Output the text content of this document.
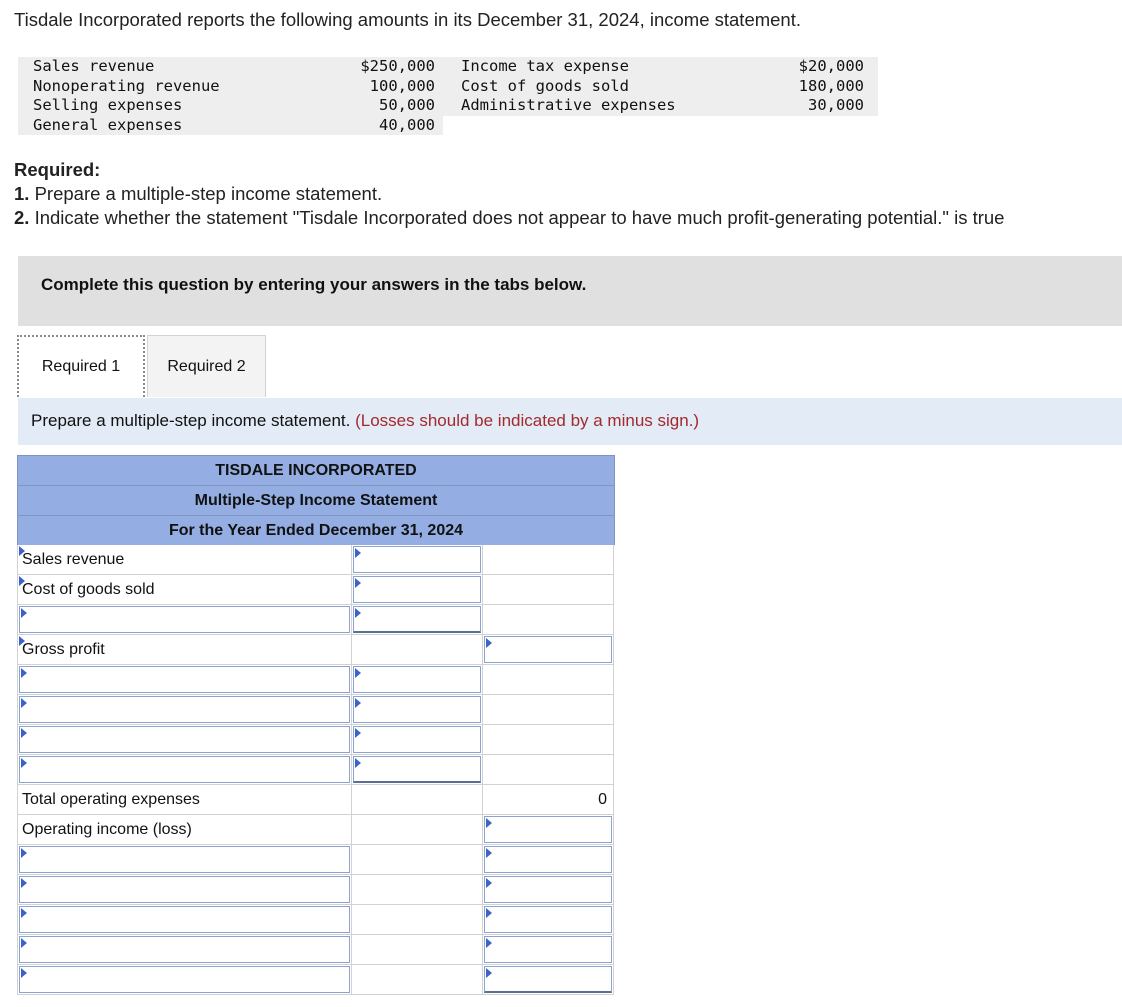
Tisdale Incorporated reports the following amounts in its December 31, 2024, income statement.
Sales revenue	$250,000 Income tax expense	$20,000
Nonoperating revenue	100,000 Cost of goods sold	180,000
Selling expenses	50,000 Administrative expenses	30,000
General expenses	40,000
Required:
1. Prepare a multiple-step income statement.
2. Indicate whether the statement "Tisdale Incorporated does not appear to have much profit-generating potential." is true
Complete this question by entering your answers in the tabs below.
Required 1	Required 2
Prepare a multiple-step income statement. (Losses should be indicated by a minus sign.)
TISDALE INCORPORATED
Multiple-Step Income Statement
For the Year Ended December 31, 2024
Sales revenue
Cost of goods sold
Gross profit
Total operating expenses	0
Operating income (loss)
